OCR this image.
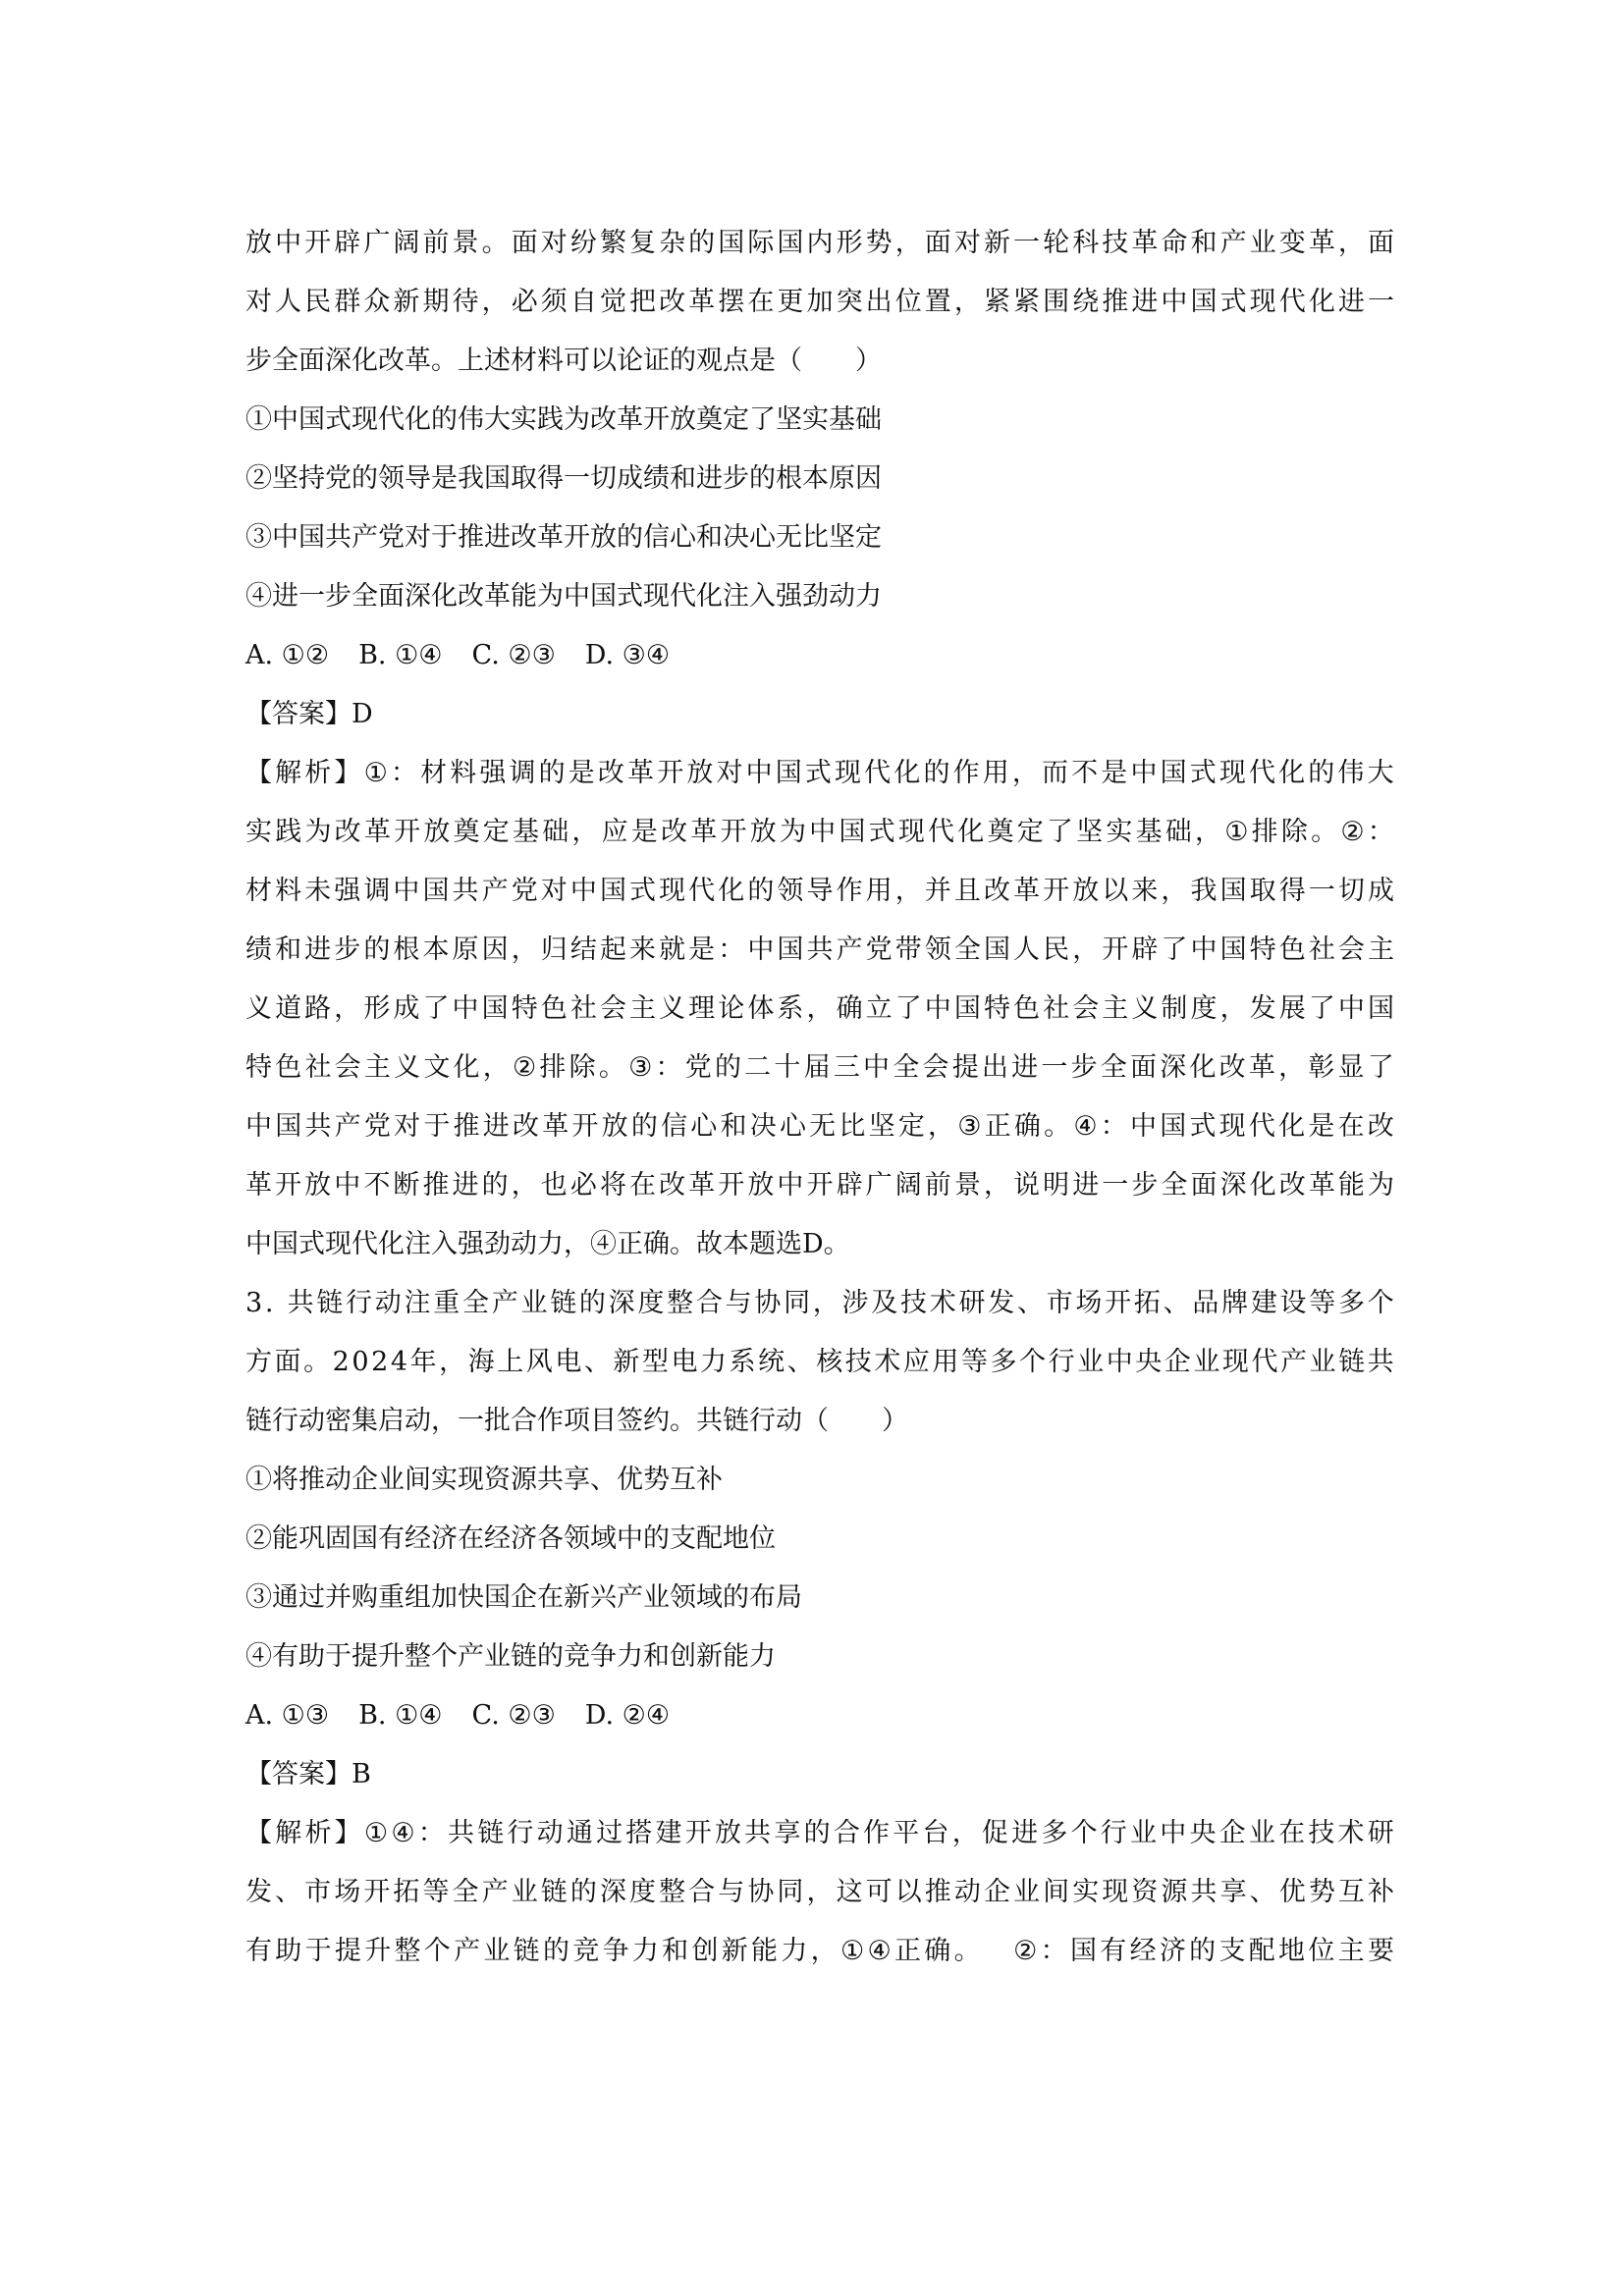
放 中 开 辟 广 阔 前 景 。 面 对 纷 繁 复 杂 的 国 际 国 内 形 势 ， 面 对 新 一 轮 科 技 革 命 和 产 业 变 革 ， 面
对 人 民 群 众 新 期 待 ， 必 须 自 觉 把 改 革 摆 在 更 加 突 出 位 置 ， 紧 紧 围 绕 推 进 中 国 式 现 代 化 进 一
步全面深化改革。上述材料可以论证的观点是（　　）
①中国式现代化的伟大实践为改革开放奠定了坚实基础
②坚持党的领导是我国取得一切成绩和进步的根本原因
③中国共产党对于推进改革开放的信心和决心无比坚定
④进一步全面深化改革能为中国式现代化注入强劲动力
A. ①② B. ①④ C. ②③ D. ③④
【答案】D
【 解 析 】 ① ： 材 料 强 调 的 是 改 革 开 放 对 中 国 式 现 代 化 的 作 用 ， 而 不 是 中 国 式 现 代 化 的 伟 大
实 践 为 改 革 开 放 奠 定 基 础 ， 应 是 改 革 开 放 为 中 国 式 现 代 化 奠 定 了 坚 实 基 础 ， ① 排 除 。 ② ：
材 料 未 强 调 中 国 共 产 党 对 中 国 式 现 代 化 的 领 导 作 用 ， 并 且 改 革 开 放 以 来 ， 我 国 取 得 一 切 成
绩 和 进 步 的 根 本 原 因 ， 归 结 起 来 就 是 ： 中 国 共 产 党 带 领 全 国 人 民 ， 开 辟 了 中 国 特 色 社 会 主
义 道 路 ， 形 成 了 中 国 特 色 社 会 主 义 理 论 体 系 ， 确 立 了 中 国 特 色 社 会 主 义 制 度 ， 发 展 了 中 国
特 色 社 会 主 义 文 化 ， ② 排 除 。 ③ ： 党 的 二 十 届 三 中 全 会 提 出 进 一 步 全 面 深 化 改 革 ， 彰 显 了
中 国 共 产 党 对 于 推 进 改 革 开 放 的 信 心 和 决 心 无 比 坚 定 ， ③ 正 确 。 ④ ： 中 国 式 现 代 化 是 在 改
革 开 放 中 不 断 推 进 的 ， 也 必 将 在 改 革 开 放 中 开 辟 广 阔 前 景 ， 说 明 进 一 步 全 面 深 化 改 革 能 为
中国式现代化注入强劲动力，④正确。故本题选D。
3 .
共 链 行 动 注 重 全 产 业 链 的 深 度 整 合 与 协 同 ， 涉 及 技 术 研 发 、 市 场 开 拓 、 品 牌 建 设 等 多 个
方 面 。 2 0 2 4 年 ， 海 上 风 电 、 新 型 电 力 系 统 、 核 技 术 应 用 等 多 个 行 业 中 央 企 业 现 代 产 业 链 共
链行动密集启动，一批合作项目签约。共链行动（　　）
①将推动企业间实现资源共享、优势互补
②能巩固国有经济在经济各领域中的支配地位
③通过并购重组加快国企在新兴产业领域的布局
④有助于提升整个产业链的竞争力和创新能力
A. ①③ B. ①④ C. ②③ D. ②④
【答案】B
【 解 析 】 ① ④ ： 共 链 行 动 通 过 搭 建 开 放 共 享 的 合 作 平 台 ， 促 进 多 个 行 业 中 央 企 业 在 技 术 研
发 、 市 场 开 拓 等 全 产 业 链 的 深 度 整 合 与 协 同 ， 这 可 以 推 动 企 业 间 实 现 资 源 共 享 、 优 势 互 补
有 助 于 提 升 整 个 产 业 链 的 竞 争 力 和 创 新 能 力 ， ① ④ 正 确 。
　 ② ： 国 有 经 济 的 支 配 地 位 主 要
